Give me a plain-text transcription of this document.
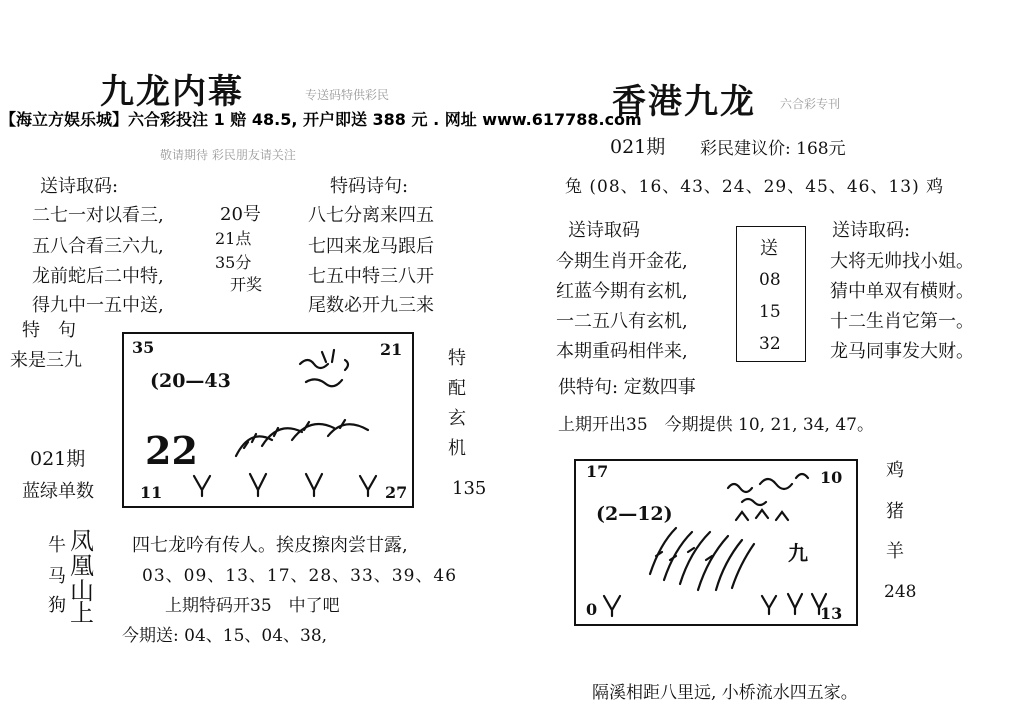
九龙内幕	专送码特供彩民
【海立方娱乐城】六合彩投注 1 赔 48.5, 开户即送 388 元 . 网址 www.617788.com
敬请期待 彩民朋友请关注
送诗取码:
二七一对以看三,
五八合看三六九,
龙前蛇后二中特,
得九中一五中送,
20号
21点
35分
开奖
特码诗句:
八七分离来四五
七四来龙马跟后
七五中特三八开
尾数必开九三来
特　句
来是三九
021期
蓝绿单数
35	21
(20—43
22
11	27
特
配
玄
机
135
牛
马
狗
凤
凰
山
上
四七龙吟有传人。挨皮擦肉尝甘露,
03、09、13、17、28、33、39、46
上期特码开35　中了吧
今期送: 04、15、04、38,
香港九龙 六合彩专刊
021期 彩民建议价: 168元
兔 (08、16、43、24、29、45、46、13) 鸡
送诗取码
今期生肖开金花,
红蓝今期有玄机,
一二五八有玄机,
本期重码相伴来,
送
08
15
32
送诗取码:
大将无帅找小姐。
猜中单双有横财。
十二生肖它第一。
龙马同事发大财。
供特句: 定数四事
上期开出35　今期提供 10, 21, 34, 47。
17	10
(2—12)
九
0	13
鸡
猪
羊
248
隔溪相距八里远, 小桥流水四五家。
